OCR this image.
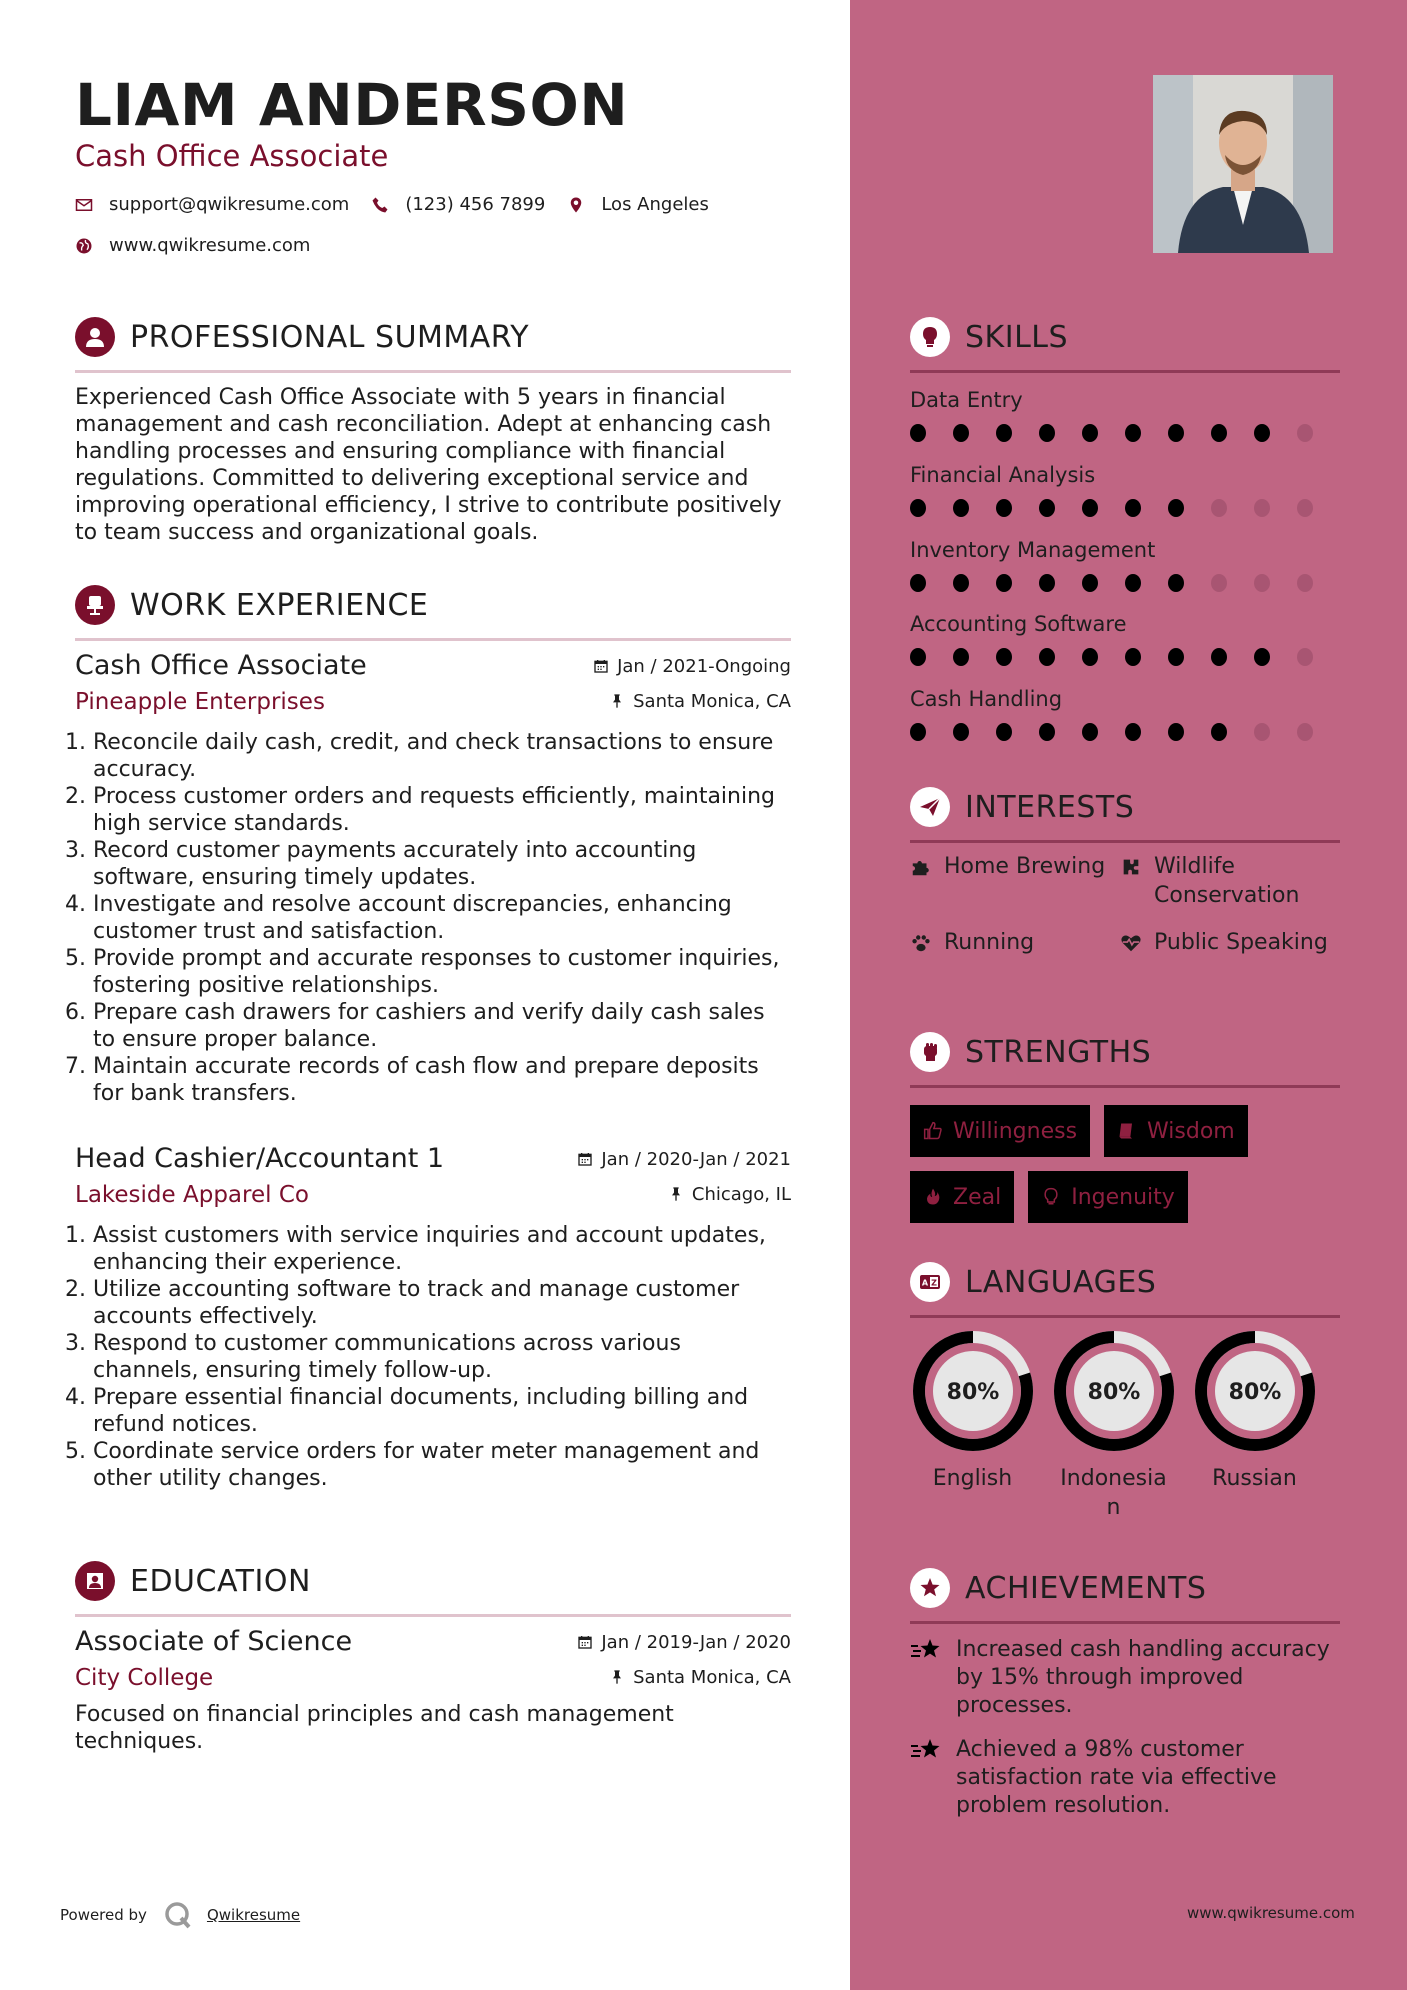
LIAM ANDERSON
Cash Office Associate
support@qwikresume.com	(123) 456 7899	Los Angeles
www.qwikresume.com
PROFESSIONAL SUMMARY
Experienced Cash Office Associate with 5 years in financial management and cash reconciliation. Adept at enhancing cash handling processes and ensuring compliance with financial regulations. Committed to delivering exceptional service and improving operational efficiency, I strive to contribute positively to team success and organizational goals.
WORK EXPERIENCE
Cash Office Associate	Jan / 2021-Ongoing
Pineapple Enterprises	Santa Monica, CA
1. Reconcile daily cash, credit, and check transactions to ensure accuracy.
2. Process customer orders and requests efficiently, maintaining high service standards.
3. Record customer payments accurately into accounting software, ensuring timely updates.
4. Investigate and resolve account discrepancies, enhancing customer trust and satisfaction.
5. Provide prompt and accurate responses to customer inquiries, fostering positive relationships.
6. Prepare cash drawers for cashiers and verify daily cash sales to ensure proper balance.
7. Maintain accurate records of cash flow and prepare deposits for bank transfers.
Head Cashier/Accountant 1	Jan / 2020-Jan / 2021
Lakeside Apparel Co	Chicago, IL
1. Assist customers with service inquiries and account updates, enhancing their experience.
2. Utilize accounting software to track and manage customer accounts effectively.
3. Respond to customer communications across various channels, ensuring timely follow-up.
4. Prepare essential financial documents, including billing and refund notices.
5. Coordinate service orders for water meter management and other utility changes.
EDUCATION
Associate of Science	Jan / 2019-Jan / 2020
City College	Santa Monica, CA
Focused on financial principles and cash management techniques.
Powered by	Qwikresume
SKILLS
Data Entry
Financial Analysis
Inventory Management
Accounting Software
Cash Handling
INTERESTS
Home Brewing Wildlife Conservation
Running	Public Speaking
STRENGTHS
Willingness	Wisdom
Zeal	Ingenuity
A Z LANGUAGES
80%
English
80%
Indonesian
80%
Russian
ACHIEVEMENTS
Increased cash handling accuracy by 15% through improved processes.
Achieved a 98% customer satisfaction rate via effective problem resolution.
www.qwikresume.com
